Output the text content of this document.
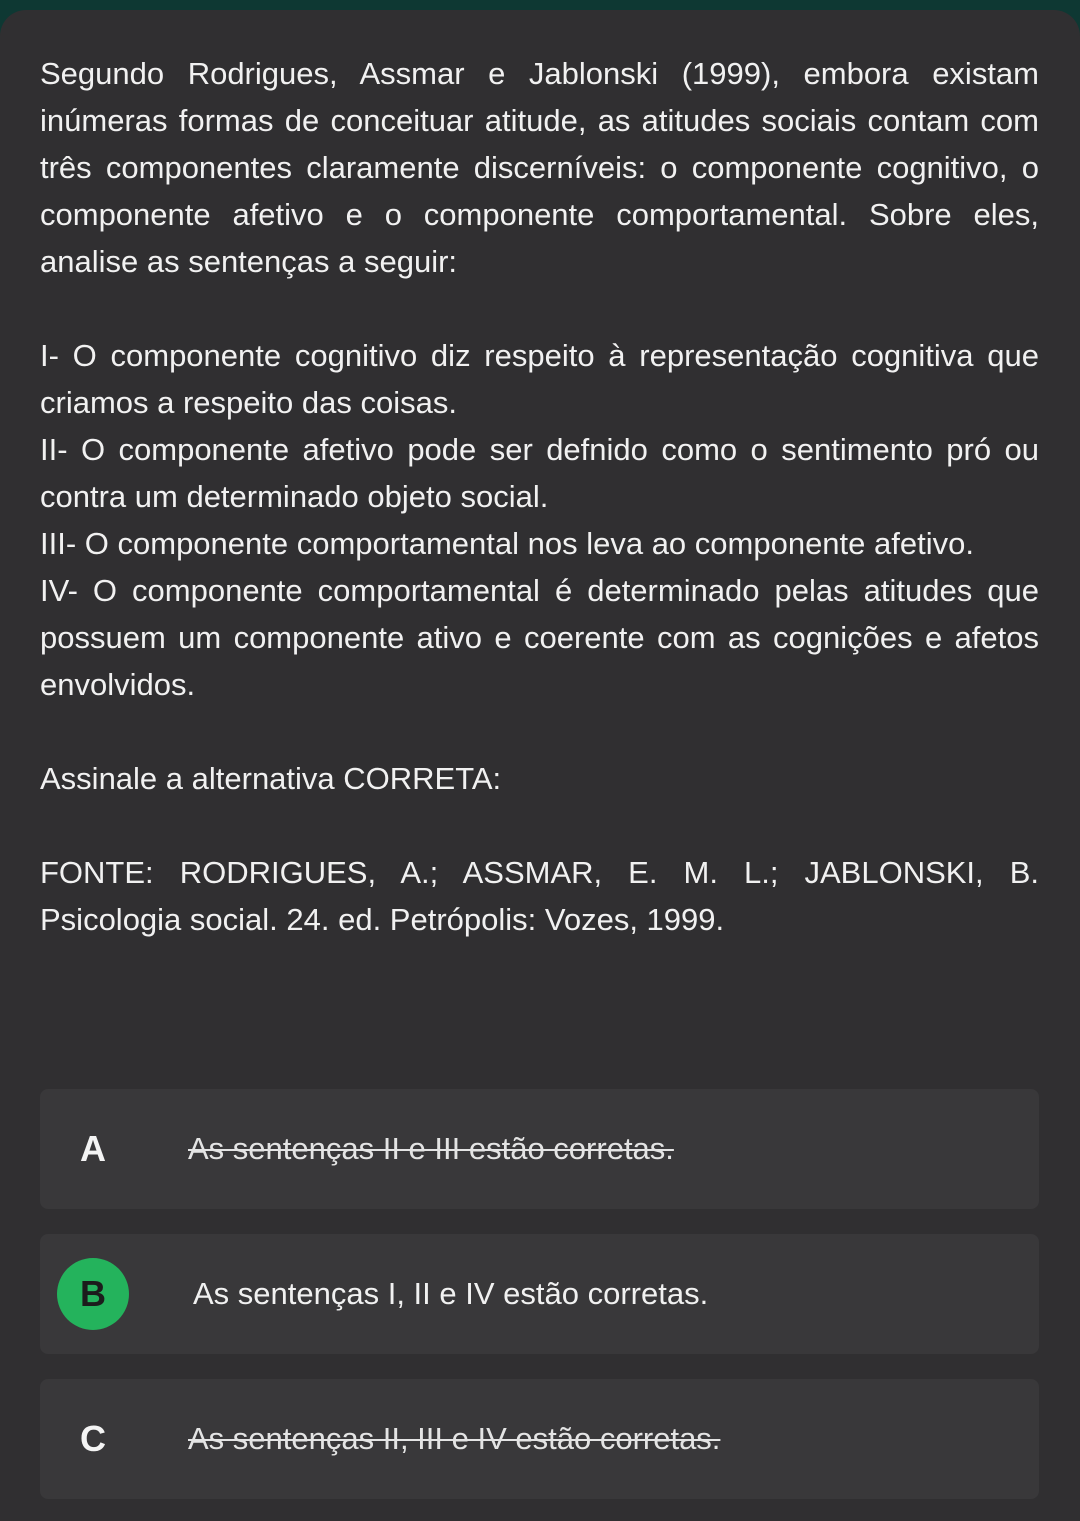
Segundo Rodrigues, Assmar e Jablonski (1999), embora existam inúmeras formas de conceituar atitude, as atitudes sociais contam com três componentes claramente discerníveis: o componente cognitivo, o componente afetivo e o componente comportamental. Sobre eles, analise as sentenças a seguir:

I- O componente cognitivo diz respeito à representação cognitiva que criamos a respeito das coisas.

II- O componente afetivo pode ser defnido como o sentimento pró ou contra um determinado objeto social.

III- O componente comportamental nos leva ao componente afetivo.

IV- O componente comportamental é determinado pelas atitudes que possuem um componente ativo e coerente com as cognições e afetos envolvidos.

Assinale a alternativa CORRETA:

FONTE: RODRIGUES, A.; ASSMAR, E. M. L.; JABLONSKI, B. Psicologia social. 24. ed. Petrópolis: Vozes, 1999.

A	As sentenças II e III estão corretas.
B	As sentenças I, II e IV estão corretas.
C	As sentenças II, III e IV estão corretas.
